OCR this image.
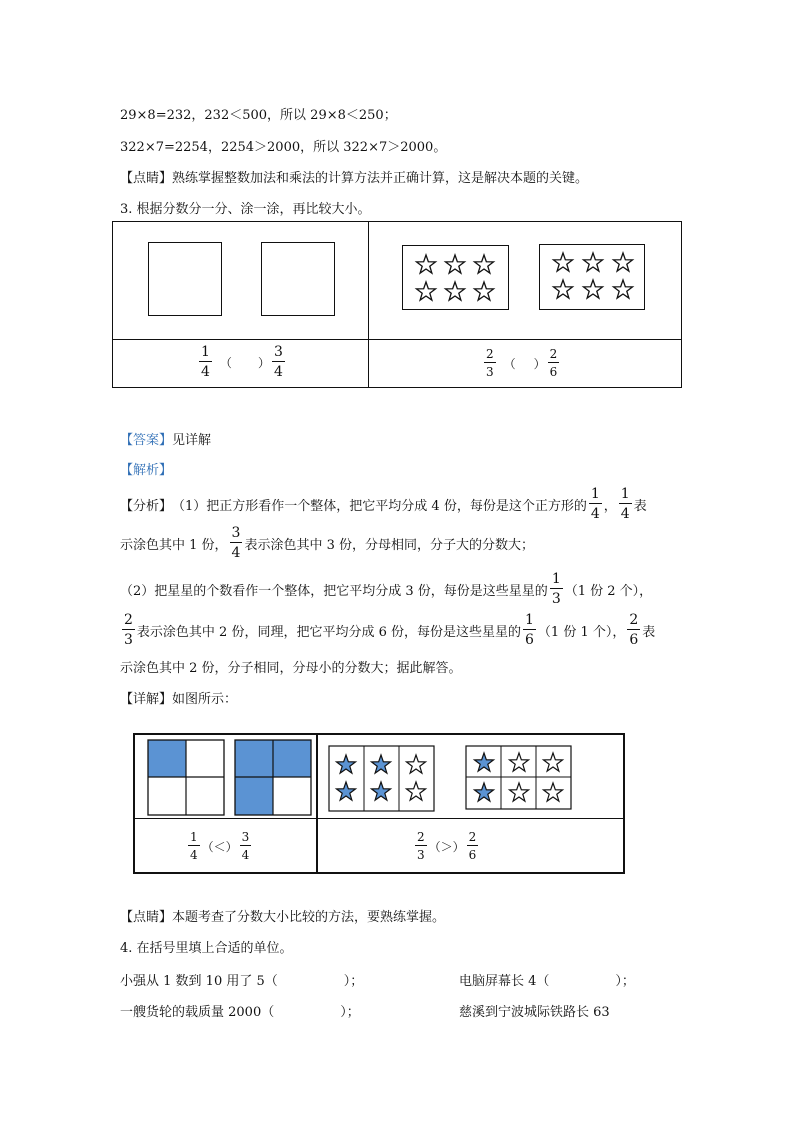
29×8=232，232＜500，所以 29×8＜250；
322×7=2254，2254＞2000，所以 322×7＞2000。
【点睛】熟练掌握整数加法和乘法的计算方法并正确计算，这是解决本题的关键。
3. 根据分数分一分、涂一涂，再比较大小。
$\frac{1}{4}$ （ ） $\frac{3}{4}$	$\frac{2}{3}$ （ ） $\frac{2}{6}$
【答案】见详解
【解析】
【分析】 （1）把正方形看作一个整体，把它平均分成 4 份，每份是这个正方形的 $\frac{1}{4}$ ， $\frac{1}{4}$ 表
示涂色其中 1 份， $\frac{3}{4}$ 表示涂色其中 3 份，分母相同，分子大的分数大；
（2）把星星的个数看作一个整体，把它平均分成 3 份，每份是这些星星的 $\frac{1}{3} (1$ 份 2 个），
$\frac{2}{3}$ 表示涂色其中 2 份，同理，把它平均分成 6 份，每份是这些星星的 $\frac{1}{6} (1$ 份 1 个）， $\frac{2}{6}$ 表
示涂色其中 2 份，分子相同，分母小的分数大；据此解答。
【详解】如图所示：
$\frac{1}{4}$ （＜） $\frac{3}{4}$	$\frac{2}{3}$ （＞） $\frac{2}{6}$
【点睛】本题考查了分数大小比较的方法，要熟练掌握。
4. 在括号里填上合适的单位。
小强从 1 数到 10 用了 5（	）；	电脑屏幕长 4（	）；
一艘货轮的载质量 2000（	）；	慈溪到宁波城际铁路长 63
